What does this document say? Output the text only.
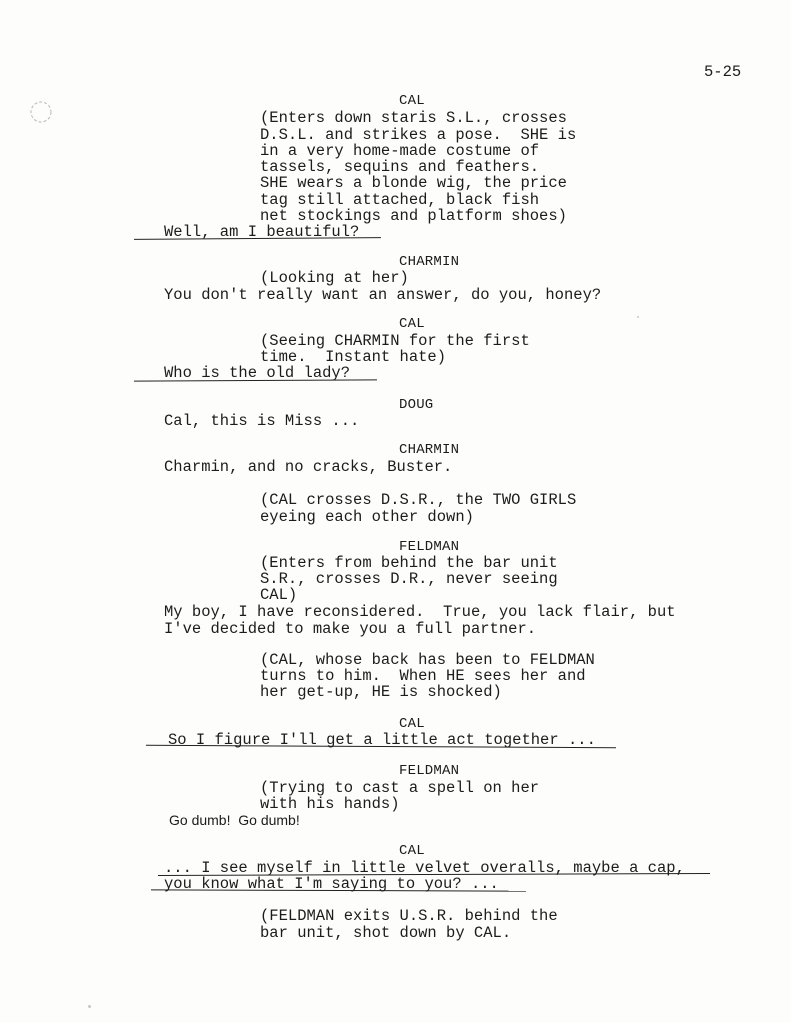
5-25
CAL
(Enters down staris S.L., crosses
D.S.L. and strikes a pose.  SHE is
in a very home-made costume of
tassels, sequins and feathers.
SHE wears a blonde wig, the price
tag still attached, black fish
net stockings and platform shoes)
Well, am I beautiful?
CHARMIN
(Looking at her)
You don't really want an answer, do you, honey?
CAL
(Seeing CHARMIN for the first
time.  Instant hate)
Who is the old lady?
DOUG
Cal, this is Miss ...
CHARMIN
Charmin, and no cracks, Buster.
(CAL crosses D.S.R., the TWO GIRLS
eyeing each other down)
FELDMAN
(Enters from behind the bar unit
S.R., crosses D.R., never seeing
CAL)
My boy, I have reconsidered.  True, you lack flair, but
I've decided to make you a full partner.
(CAL, whose back has been to FELDMAN
turns to him.  When HE sees her and
her get-up, HE is shocked)
CAL
So I figure I'll get a little act together ...
FELDMAN
(Trying to cast a spell on her
with his hands)
Go dumb!  Go dumb!
CAL
... I see myself in little velvet overalls, maybe a cap,
you know what I'm saying to you? ...
(FELDMAN exits U.S.R. behind the
bar unit, shot down by CAL.
